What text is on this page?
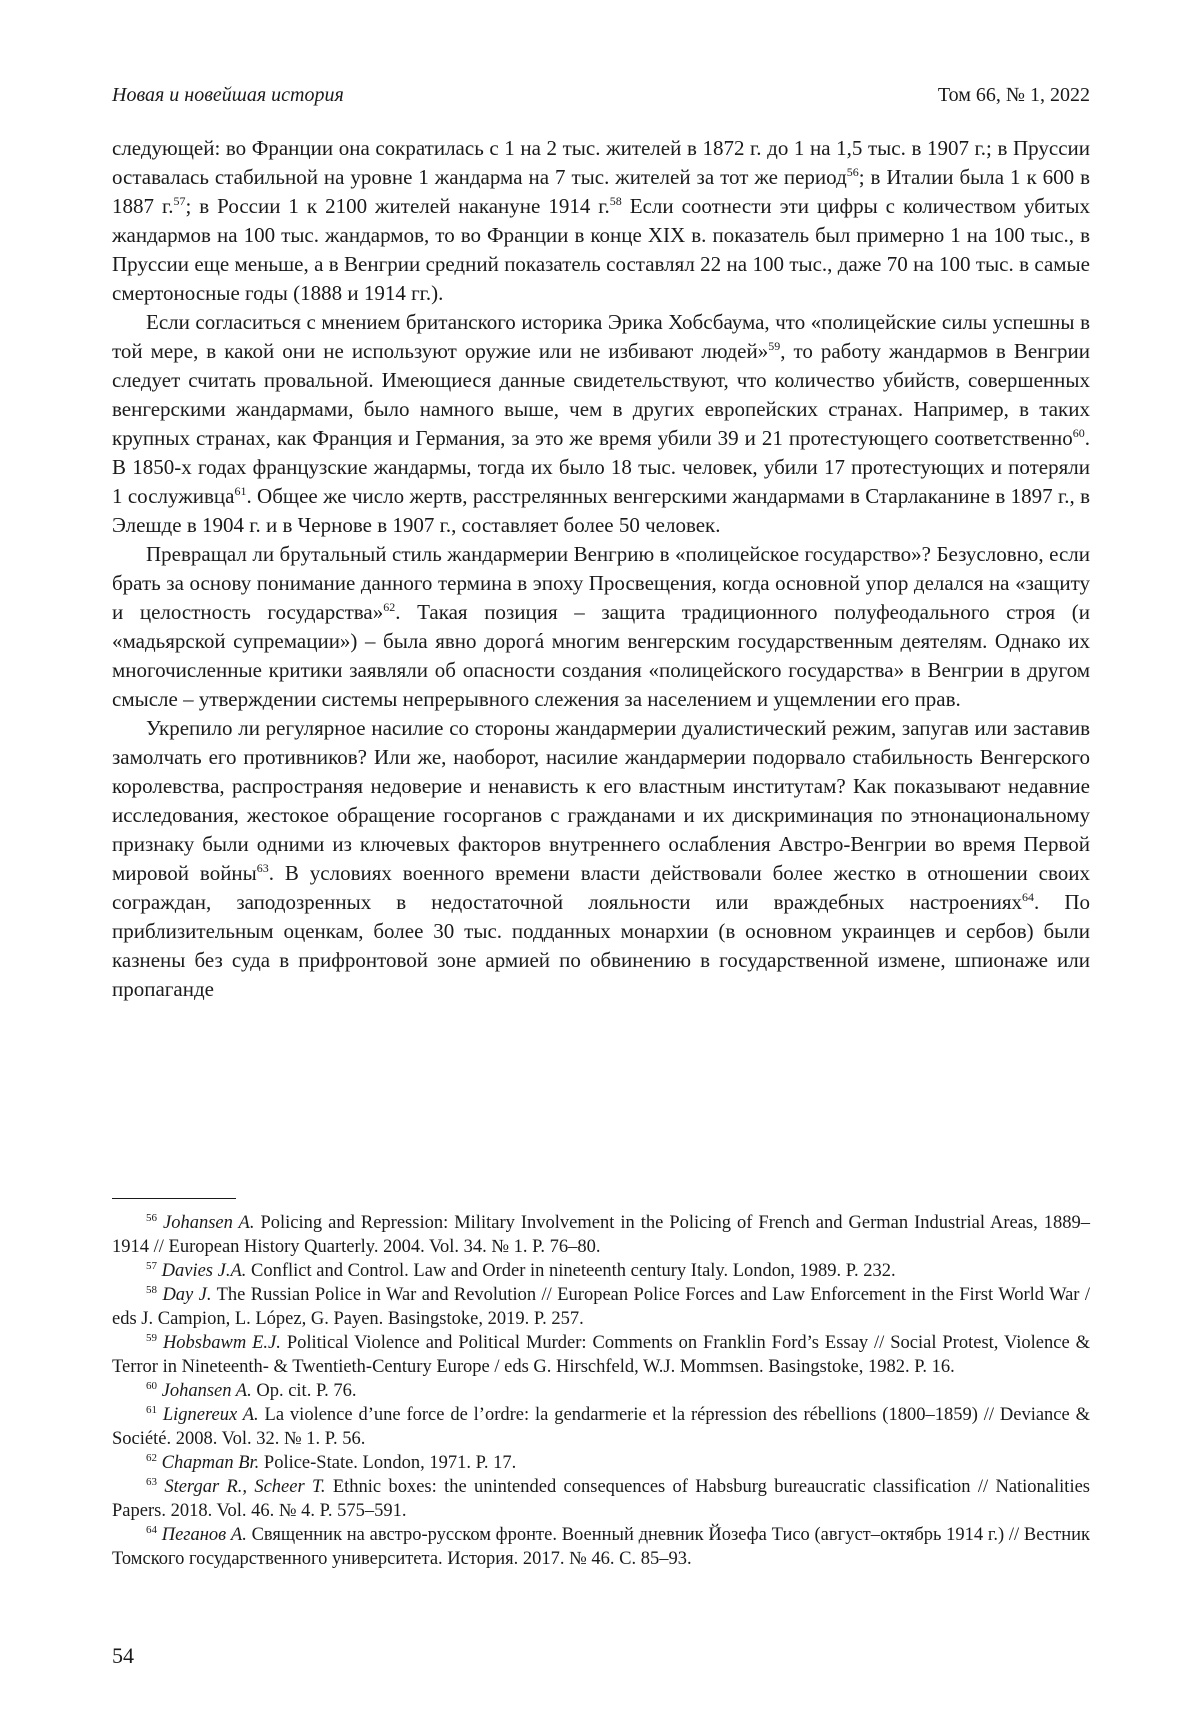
Новая и новейшая история	Том 66, № 1, 2022

следующей: во Франции она сократилась с 1 на 2 тыс. жителей в 1872 г. до 1 на 1,5 тыс. в 1907 г.; в Пруссии оставалась стабильной на уровне 1 жандарма на 7 тыс. жителей за тот же период$^{56}$; в Италии была 1 к 600 в 1887 г.$^{57}$; в России 1 к 2100 жителей накануне 1914 г.$^{58}$ Если соотнести эти цифры с количеством убитых жандармов на 100 тыс. жандармов, то во Франции в конце XIX в. показатель был примерно 1 на 100 тыс., в Пруссии еще меньше, а в Венгрии средний показатель составлял 22 на 100 тыс., даже 70 на 100 тыс. в самые смертоносные годы (1888 и 1914 гг.).

Если согласиться с мнением британского историка Эрика Хобсбаума, что «полицейские силы успешны в той мере, в какой они не используют оружие или не избивают людей»$^{59}$, то работу жандармов в Венгрии следует считать провальной. Имеющиеся данные свидетельствуют, что количество убийств, совершенных венгерскими жандармами, было намного выше, чем в других европейских странах. Например, в таких крупных странах, как Франция и Германия, за это же время убили 39 и 21 протестующего соответственно$^{60}$. В 1850-х годах французские жандармы, тогда их было 18 тыс. человек, убили 17 протестующих и потеряли 1 сослуживца$^{61}$. Общее же число жертв, расстрелянных венгерскими жандармами в Старлаканине в 1897 г., в Элешде в 1904 г. и в Чернове в 1907 г., составляет более 50 человек.

Превращал ли брутальный стиль жандармерии Венгрию в «полицейское государство»? Безусловно, если брать за основу понимание данного термина в эпоху Просвещения, когда основной упор делался на «защиту и целостность государства»$^{62}$. Такая позиция – защита традиционного полуфеодального строя (и «мадьярской супремации») – была явно дорогá многим венгерским государственным деятелям. Однако их многочисленные критики заявляли об опасности создания «полицейского государства» в Венгрии в другом смысле – утверждении системы непрерывного слежения за населением и ущемлении его прав.

Укрепило ли регулярное насилие со стороны жандармерии дуалистический режим, запугав или заставив замолчать его противников? Или же, наоборот, насилие жандармерии подорвало стабильность Венгерского королевства, распространяя недоверие и ненависть к его властным институтам? Как показывают недавние исследования, жестокое обращение госорганов с гражданами и их дискриминация по этнонациональному признаку были одними из ключевых факторов внутреннего ослабления Австро-Венгрии во время Первой мировой войны$^{63}$. В условиях военного времени власти действовали более жестко в отношении своих сограждан, заподозренных в недостаточной лояльности или враждебных настроениях$^{64}$. По приблизительным оценкам, более 30 тыс. подданных монархии (в основном украинцев и сербов) были казнены без суда в прифронтовой зоне армией по обвинению в государственной измене, шпионаже или пропаганде

$^{56}$ Johansen A. Policing and Repression: Military Involvement in the Policing of French and German Industrial Areas, 1889–1914 // European History Quarterly. 2004. Vol. 34. № 1. P. 76–80.

$^{57}$ Davies J.A. Conflict and Control. Law and Order in nineteenth century Italy. London, 1989. P. 232.

$^{58}$ Day J. The Russian Police in War and Revolution // European Police Forces and Law Enforcement in the First World War / eds J. Campion, L. López, G. Payen. Basingstoke, 2019. P. 257.

$^{59}$ Hobsbawm E.J. Political Violence and Political Murder: Comments on Franklin Ford’s Essay // Social Protest, Violence & Terror in Nineteenth- & Twentieth-Century Europe / eds G. Hirschfeld, W.J. Mommsen. Basingstoke, 1982. P. 16.

$^{60}$ Johansen A. Op. cit. P. 76.

$^{61}$ Lignereux A. La violence d’une force de l’ordre: la gendarmerie et la répression des rébellions (1800–1859) // Deviance & Société. 2008. Vol. 32. № 1. P. 56.

$^{62}$ Chapman Br. Police-State. London, 1971. P. 17.

$^{63}$ Stergar R., Scheer T. Ethnic boxes: the unintended consequences of Habsburg bureaucratic classification // Nationalities Papers. 2018. Vol. 46. № 4. P. 575–591.

$^{64}$ Пеганов А. Священник на австро-русском фронте. Военный дневник Йозефа Тисо (август–октябрь 1914 г.) // Вестник Томского государственного университета. История. 2017. № 46. С. 85–93.

54
